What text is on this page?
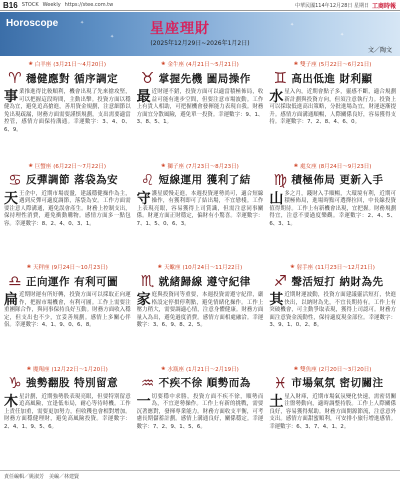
B16 STOCK Weekly https://stee.com.tw	中華民國114年12月28日 星期日 工商時報
Horoscope	✦
✦
✦
✦
星座理財
(2025年12月29日~2026年1月2日)
文／陶文
❀ 白羊座 (3月21日～4月20日)
♈ 穩健應對 循序調定
事 業推進得比較順利，機會出現了先來搶攻堅，可以把握這段時間，主動出擊。投資方面以穩健為宜，避免追高搶進，善用資金規劃，注意細節以免出現疏漏，財務方面需要謹慎規劃，支出需要適當控管，感情方面保持溝通。幸運數字：3、4、0、6、9。
❀ 金牛座 (4月21日～5月21日)
♉ 掌握先機 圖局操作
最 近財運不錯，投資方面可以適當積極佈局，收益可能有進步空間，但要注意市場波動。工作上有貴人相助，可把握機會發揮能力表現自我。財務方面宜分散風險，避免單一投資。幸運數字：9、1、3、8、5、1。
❀ 雙子座 (5月22日～6月21日)
♊ 高出低進 財利顯
水 星入內，近期會點子多，靈感不斷，適合規劃新計劃與投資方向，但須注意執行力。投資上可以採取低進高出策略，分批進場為宜，財運逐漸提升。感情方面溝通順暢，人際關係良好，容易獲得支持。幸運數字：7、2、8、4、6、0。
❀ 巨蟹座 (6月22日～7月22日)
♋ 反彈調節 落袋為安
天 王企中，近期市場震盪，建議穩健操作為主，遇到反彈可適度調節，落袋為安。工作方面需要注意人際溝通，避免誤會產生。財務上控制支出，保持理性消費，避免衝動購物。感情方面多一點包容。幸運數字：8、2、4、0、3、1。
❀ 獅子座 (7月23日～8月23日)
♌ 短線運用 獲利了結
守 護星緩慢走進，本週投資運勢尚可，適合短線操作，有獲利即可了結出場，不宜戀棧。工作上表現亮眼，容易獲得上司賞識，但需注意同事關係。財運方面正財穩定，偏財有小驚喜。幸運數字：7、1、5、0、6、3。
❀ 處女座 (8月24日～9月23日)
♍ 積極佈局 更新入手
山 多之月，錢財入手順暢，大環境有利，近期可積極佈局，進場時點可選擇拉回，中長線投資值得期待。工作上有新機會出現，宜把握。財務規劃得宜，注意不要過度樂觀。幸運數字：2、4、5、6、3、1。
❀ 天秤座 (9月24日～10月23日)
♎ 正向運作 有利可圖
扁 近期財運有所好轉，投資方面可以採取正向運作，把握市場機會，有利可圖。工作上需要注重團隊合作，與同事保持良好互動。財務方面收入穩定，但支出也不少，宜妥善規劃。感情上多關心伴侶。幸運數字：4、1、9、0、6、8。
❀ 天蠍座 (10月24日～11月22日)
♏ 就緒歸線 遵守紀律
家 庭與投資同等重要，本週投資需遵守紀律，嚴格設定停損停利點，避免情緒化操作。工作上壓力稍大，需要調適心情，注意身體健康。財務方面量入為出，避免過度消費。感情方面相處融洽。幸運數字：3、6、9、8、2、5。
❀ 射手座 (11月23日～12月21日)
♐ 聲活短打 納財為先
其 近期財運波動，投資方面建議靈活短打，快進快出，以納財為先，不宜長期持有。工作上有突破機會，可主動爭取表現，獲得上司認可。財務方面注意資金流動性，保持適度現金部位。幸運數字：3、9、1、0、2、8。
❀ 魔羯座 (12月22日～1月20日)
♑ 強勢翻股 特別留意
木 星計劃，近期強勢股表現亮眼，但要特別留意追高風險，宜逢低布局，耐心等待時機。工作上責任加重，需要更加努力，但收穫也會相對增加。財務方面穩健理財，避免高風險投資。幸運數字：2、4、1、9、5、6。
❀ 水瓶座 (1月21日～2月19日)
♒ 不疾不徐 順勢而為
一 切要穩中求勝，投資方面不疾不徐，順勢而為，不宜逆勢操作。工作上有新的挑戰，需要沉著應對，發揮專業能力。財務方面收支平衡，可考慮長期儲蓄計劃。感情上溝通良好，關係穩定。幸運數字：7、2、9、1、5、6。
❀ 雙魚座 (2月20日～3月20日)
♓ 市場氣氛 密切關注
土 星入財庫，近期市場氣氛變化快速，需密切關注盤勢動向，適時調整持股。工作上人際關係良好，容易獲得幫助。財務方面開源節流，注意意外支出。感情方面甜蜜順利，可安排小旅行增進感情。幸運數字：6、3、7、4、1、2。
責任編輯／姚淑芳　美編／林建賢
